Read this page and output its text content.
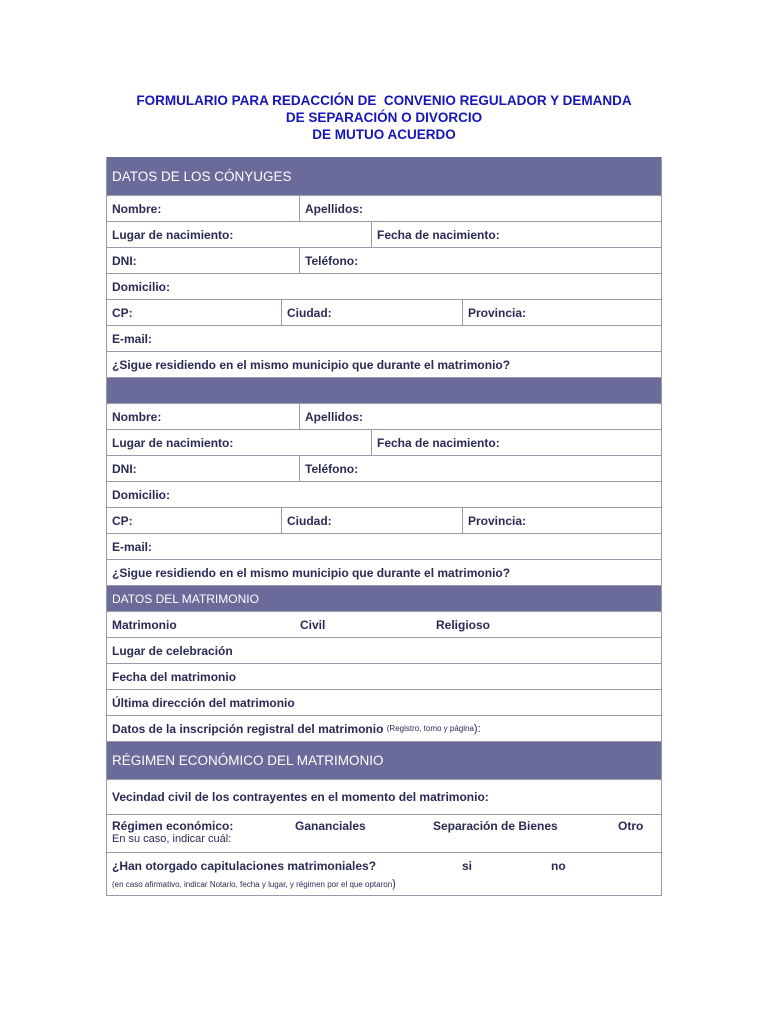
FORMULARIO PARA REDACCIÓN DE  CONVENIO REGULADOR Y DEMANDA
DE SEPARACIÓN O DIVORCIO
DE MUTUO ACUERDO
DATOS DE LOS CÓNYUGES
Nombre:	Apellidos:
Lugar de nacimiento:	Fecha de nacimiento:
DNI:	Teléfono:
Domicilio:
CP:	Ciudad:	Provincia:
E-mail:
¿Sigue residiendo en el mismo municipio que durante el matrimonio?
Nombre:	Apellidos:
Lugar de nacimiento:	Fecha de nacimiento:
DNI:	Teléfono:
Domicilio:
CP:	Ciudad:	Provincia:
E-mail:
¿Sigue residiendo en el mismo municipio que durante el matrimonio?
DATOS DEL MATRIMONIO
Matrimonio	Civil	Religioso
Lugar de celebración
Fecha del matrimonio
Última dirección del matrimonio
Datos de la inscripción registral del matrimonio
(Registro, tomo y página ):
RÉGIMEN ECONÓMICO DEL MATRIMONIO
Vecindad civil de los contrayentes en el momento del matrimonio:
Régimen económico:	Gananciales	Separación de Bienes	Otro
En su caso, indicar cuál:
¿Han otorgado capitulaciones matrimoniales?	si	no
(en caso afirmativo, indicar Notario, fecha y lugar, y régimen por el que optaron)
